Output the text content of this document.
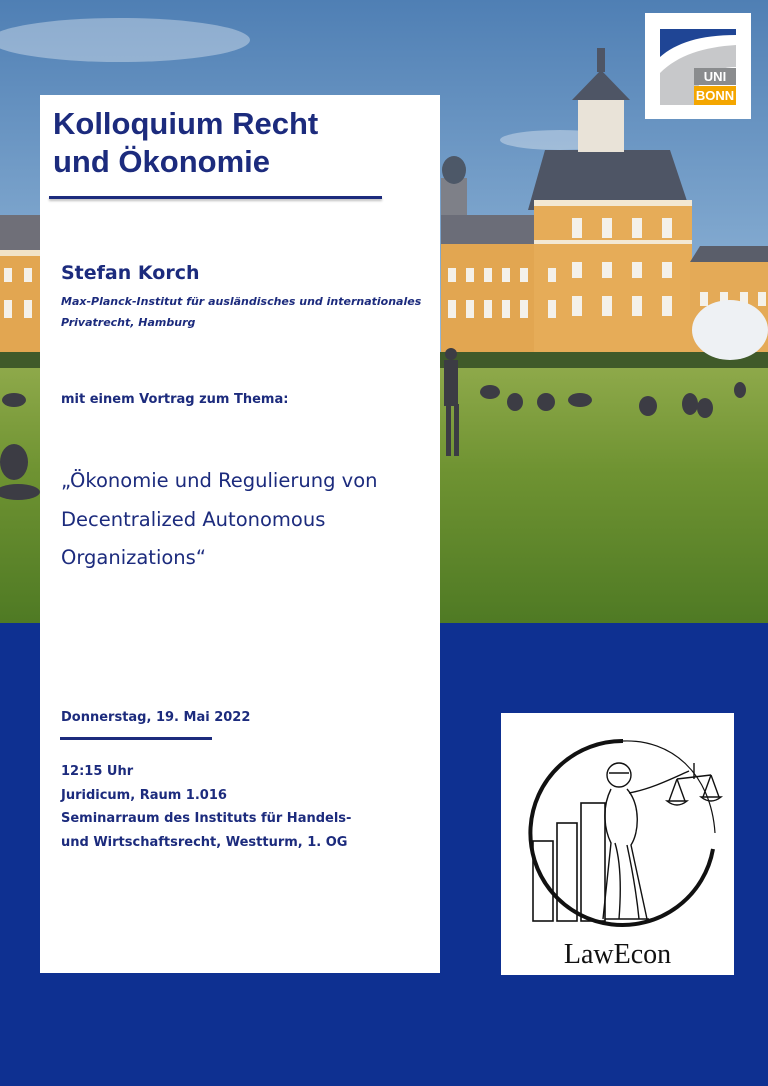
UNI
BONN
Kolloquium Recht
und Ökonomie
Stefan Korch
Max-Planck-Institut für ausländisches und internationales
Privatrecht, Hamburg
mit einem Vortrag zum Thema:
„Ökonomie und Regulierung von
Decentralized Autonomous
Organizations“
Donnerstag, 19. Mai 2022
12:15 Uhr
Juridicum, Raum 1.016
Seminarraum des Instituts für Handels-
und Wirtschaftsrecht, Westturm, 1. OG
LawEcon
